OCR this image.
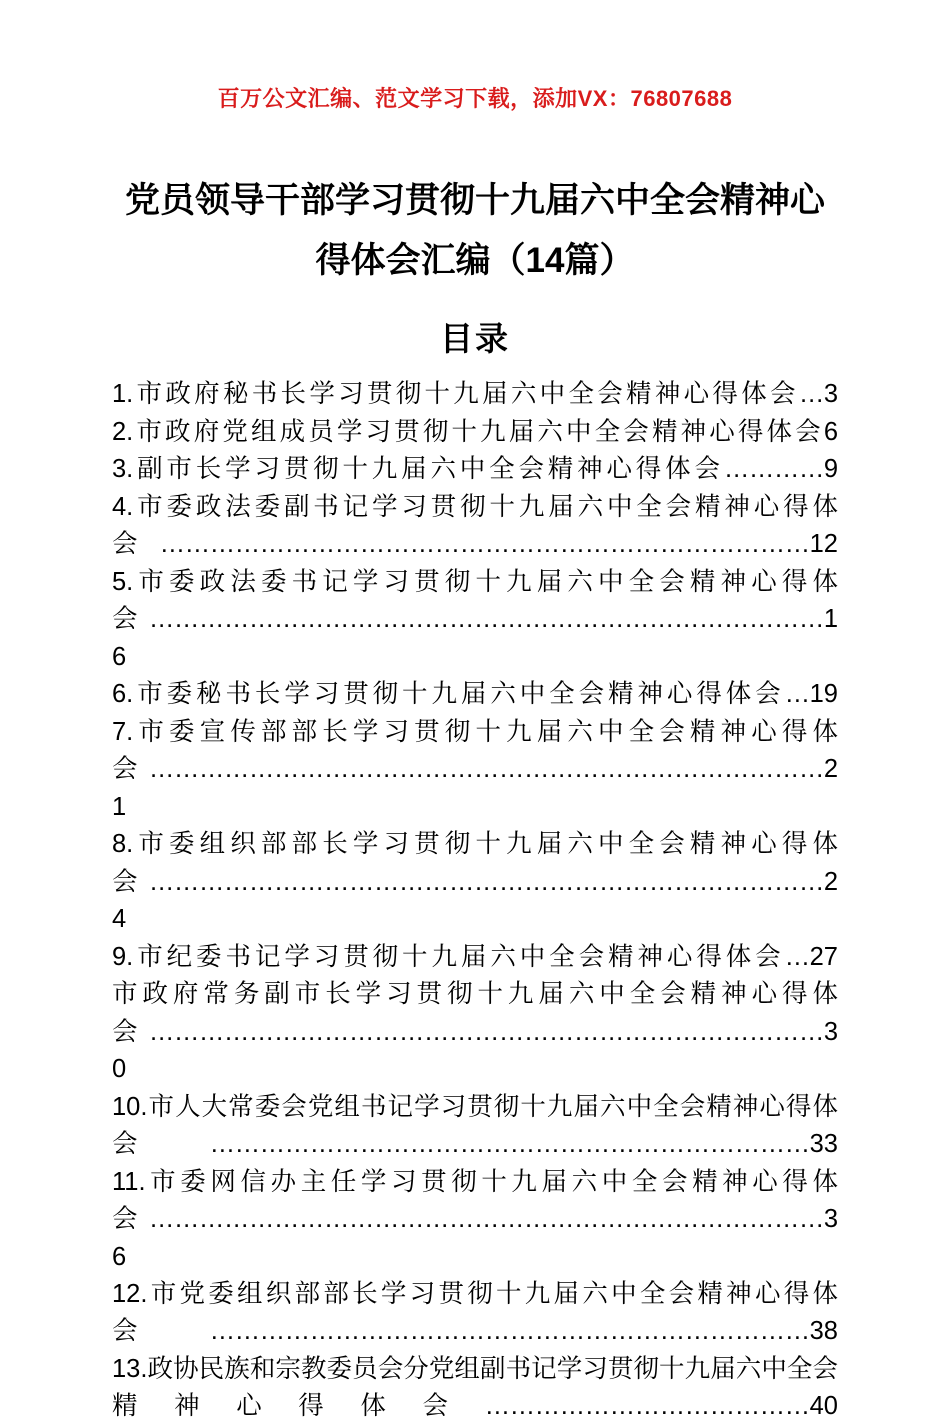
百万公文汇编、范文学习下载，添加VX：76807688
党员领导干部学习贯彻十九届六中全会精神心得体会汇编（14篇）
目录

1.市政府秘书长学习贯彻十九届六中全会精神心得体会…3

2.市政府党组成员学习贯彻十九届六中全会精神心得体会6

3.副市长学习贯彻十九届六中全会精神心得体会…………9

4.市委政法委副书记学习贯彻十九届六中全会精神心得体会……………………………………………………………………12

5.市委政法委书记学习贯彻十九届六中全会精神心得体会………………………………………………………………………16

6.市委秘书长学习贯彻十九届六中全会精神心得体会…19

7.市委宣传部部长学习贯彻十九届六中全会精神心得体会………………………………………………………………………21

8.市委组织部部长学习贯彻十九届六中全会精神心得体会………………………………………………………………………24

9.市纪委书记学习贯彻十九届六中全会精神心得体会…27

市政府常务副市长学习贯彻十九届六中全会精神心得体会………………………………………………………………………30

10.市人大常委会党组书记学习贯彻十九届六中全会精神心得体会………………………………………………………………33

11.市委网信办主任学习贯彻十九届六中全会精神心得体会………………………………………………………………………36

12.市党委组织部部长学习贯彻十九届六中全会精神心得体会………………………………………………………………38

13.政协民族和宗教委员会分党组副书记学习贯彻十九届六中全会精神心得体会…………………………………40
